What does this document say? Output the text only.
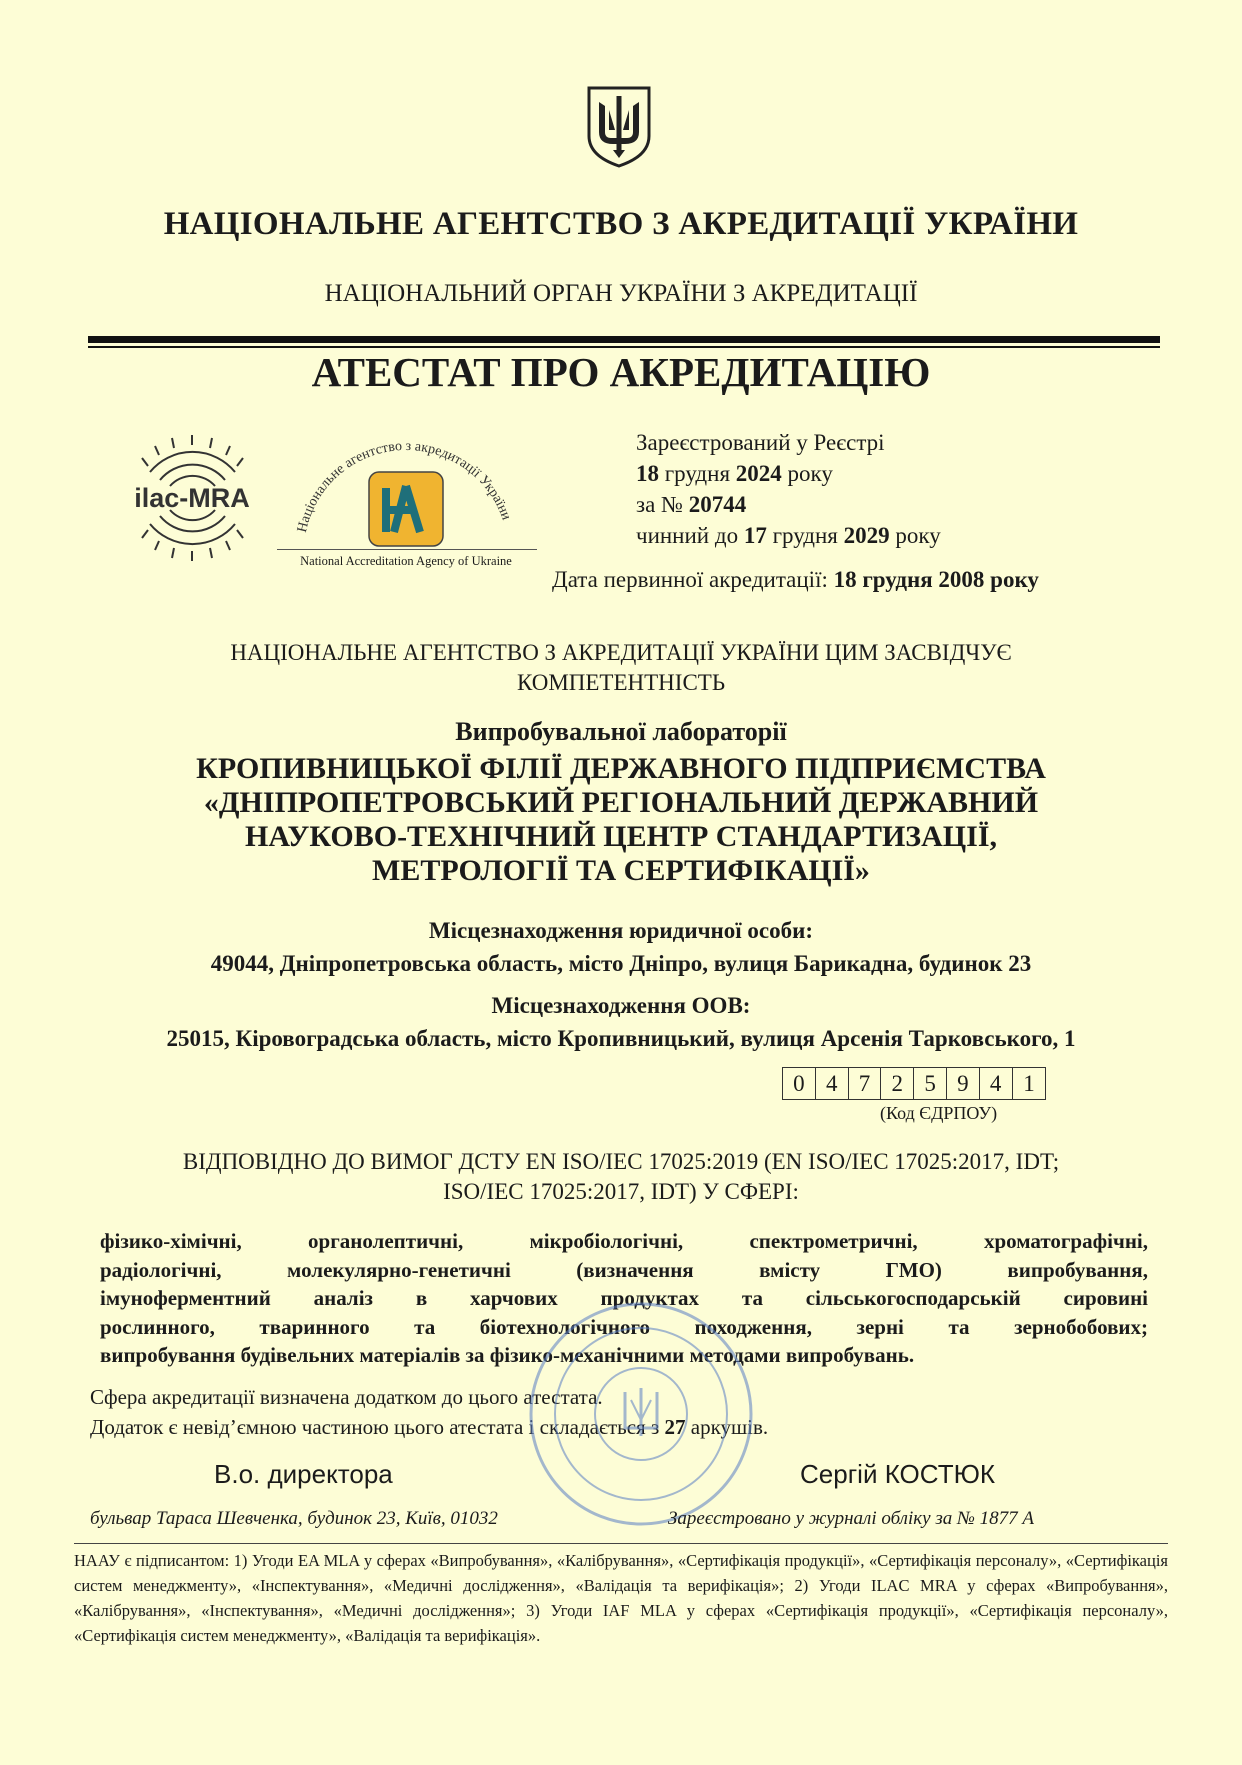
НАЦІОНАЛЬНЕ АГЕНТСТВО З АКРЕДИТАЦІЇ УКРАЇНИ
НАЦІОНАЛЬНИЙ ОРГАН УКРАЇНИ З АКРЕДИТАЦІЇ
АТЕСТАТ ПРО АКРЕДИТАЦІЮ
ilac-MRA
Національне агентство з акредитації України
National Accreditation Agency of Ukraine
Зареєстрований у Реєстрі
18 грудня 2024 року
за № 20744
чинний до 17 грудня 2029 року
Дата первинної акредитації: 18 грудня 2008 року
НАЦІОНАЛЬНЕ АГЕНТСТВО З АКРЕДИТАЦІЇ УКРАЇНИ ЦИМ ЗАСВІДЧУЄ
КОМПЕТЕНТНІСТЬ
Випробувальної лабораторії
КРОПИВНИЦЬКОЇ ФІЛІЇ ДЕРЖАВНОГО ПІДПРИЄМСТВА
«ДНІПРОПЕТРОВСЬКИЙ РЕГІОНАЛЬНИЙ ДЕРЖАВНИЙ
НАУКОВО-ТЕХНІЧНИЙ ЦЕНТР СТАНДАРТИЗАЦІЇ,
МЕТРОЛОГІЇ ТА СЕРТИФІКАЦІЇ»
Місцезнаходження юридичної особи:
49044, Дніпропетровська область, місто Дніпро, вулиця Барикадна, будинок 23
Місцезнаходження ООВ:
25015, Кіровоградська область, місто Кропивницький, вулиця Арсенія Тарковського, 1
0 4 7 2 5 9 4 1
(Код ЄДРПОУ)
ВІДПОВІДНО ДО ВИМОГ ДСТУ EN ISO/IEC 17025:2019 (EN ISO/IEC 17025:2017, IDT;
ISO/IEC 17025:2017, IDT) У СФЕРІ:
фізико-хімічні, органолептичні, мікробіологічні, спектрометричні, хроматографічні,
радіологічні, молекулярно-генетичні (визначення вмісту ГМО) випробування,
імуноферментний аналіз в харчових продуктах та сільськогосподарській сировині
рослинного, тваринного та біотехнологічного походження, зерні та зернобобових;
випробування будівельних матеріалів за фізико-механічними методами випробувань.
Сфера акредитації визначена додатком до цього атестата.
Додаток є невід’ємною частиною цього атестата і складається з 27 аркушів.
В.о. директора	Сергій КОСТЮК
бульвар Тараса Шевченка, будинок 23, Київ, 01032	Зареєстровано у журналі обліку за № 1877 А
НААУ є підписантом: 1) Угоди EA MLA у сферах «Випробування», «Калібрування», «Сертифікація продукції», «Сертифікація персоналу», «Сертифікація систем менеджменту», «Інспектування», «Медичні дослідження», «Валідація та верифікація»; 2) Угоди ILAC MRA у сферах «Випробування», «Калібрування», «Інспектування», «Медичні дослідження»; 3) Угоди IAF MLA у сферах «Сертифікація продукції», «Сертифікація персоналу», «Сертифікація систем менеджменту», «Валідація та верифікація».
